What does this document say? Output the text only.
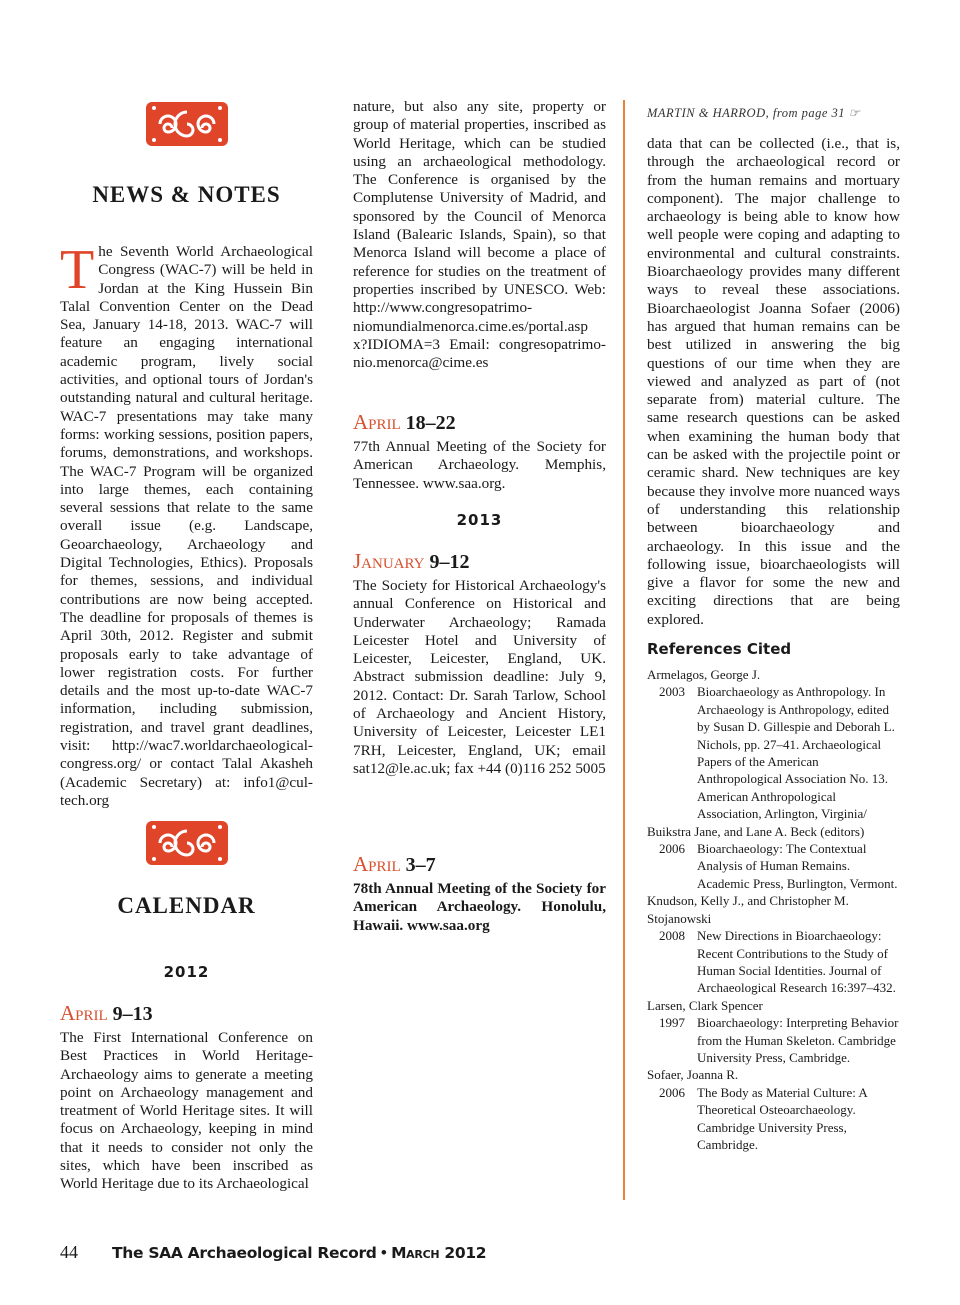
NEWS & NOTES

The Seventh World Archaeological Congress (WAC-7) will be held in Jordan at the King Hussein Bin Talal Convention Center on the Dead Sea, January 14-18, 2013. WAC-7 will feature an engaging international academic program, lively social activities, and optional tours of Jordan's outstanding natural and cultural heritage. WAC-7 presentations may take many forms: working sessions, position papers, forums, demonstrations, and workshops. The WAC-7 Program will be organized into large themes, each containing several sessions that relate to the same overall issue (e.g. Landscape, Geoarchaeology, Archaeology and Digital Technologies, Ethics). Proposals for themes, sessions, and individual contributions are now being accepted. The deadline for proposals of themes is April 30th, 2012. Register and submit proposals early to take advantage of lower registration costs. For further details and the most up-to-date WAC-7 information, including submission, registration, and travel grant deadlines, visit: http://wac7.worldarchaeological-congress.org/ or contact Talal Akasheh (Academic Secretary) at: info1@cul-tech.org

CALENDAR
2012
April 9–13

The First International Conference on Best Practices in World Heritage-Archaeology aims to generate a meeting point on Archaeology management and treatment of World Heritage sites. It will focus on Archaeology, keeping in mind that it needs to consider not only the sites, which have been inscribed as World Heritage due to its Archaeological

nature, but also any site, property or group of material properties, inscribed as World Heritage, which can be studied using an archaeological methodology. The Conference is organised by the Complutense University of Madrid, and sponsored by the Council of Menorca Island (Balearic Islands, Spain), so that Menorca Island will become a place of reference for studies on the treatment of properties inscribed by UNESCO. Web: http://www.congresopatrimo-niomundialmenorca.cime.es/portal.asp x?IDIOMA=3 Email: congresopatrimo-nio.menorca@cime.es

April 18–22

77th Annual Meeting of the Society for American Archaeology. Memphis, Tennessee. www.saa.org.

2013
January 9–12

The Society for Historical Archaeology's annual Conference on Historical and Underwater Archaeology; Ramada Leicester Hotel and University of Leicester, Leicester, England, UK. Abstract submission deadline: July 9, 2012. Contact: Dr. Sarah Tarlow, School of Archaeology and Ancient History, University of Leicester, Leicester LE1 7RH, Leicester, England, UK; email sat12@le.ac.uk; fax +44 (0)116 252 5005

April 3–7

78th Annual Meeting of the Society for American Archaeology. Honolulu, Hawaii. www.saa.org

MARTIN & HARROD, from page 31 ☞

data that can be collected (i.e., that is, through the archaeological record or from the human remains and mortuary component). The major challenge to archaeology is being able to know how well people were coping and adapting to environmental and cultural constraints. Bioarchaeology provides many different ways to reveal these associations. Bioarchaeologist Joanna Sofaer (2006) has argued that human remains can be best utilized in answering the big questions of our time when they are viewed and analyzed as part of (not separate from) material culture. The same research questions can be asked when examining the human body that can be asked with the projectile point or ceramic shard. New techniques are key because they involve more nuanced ways of understanding this relationship between bioarchaeology and archaeology. In this issue and the following issue, bioarchaeologists will give a flavor for some the new and exciting directions that are being explored.

References Cited

Armelagos, George J.

2003 Bioarchaeology as Anthropology. In Archaeology is Anthropology, edited by Susan D. Gillespie and Deborah L. Nichols, pp. 27–41. Archaeological Papers of the American Anthropological Association No. 13. American Anthropological Association, Arlington, Virginia/

Buikstra Jane, and Lane A. Beck (editors)

2006 Bioarchaeology: The Contextual Analysis of Human Remains. Academic Press, Burlington, Vermont.

Knudson, Kelly J., and Christopher M. Stojanowski

2008 New Directions in Bioarchaeology: Recent Contributions to the Study of Human Social Identities. Journal of Archaeological Research 16:397–432.

Larsen, Clark Spencer

1997 Bioarchaeology: Interpreting Behavior from the Human Skeleton. Cambridge University Press, Cambridge.

Sofaer, Joanna R.

2006 The Body as Material Culture: A Theoretical Osteoarchaeology. Cambridge University Press, Cambridge.
44 The SAA Archaeological Record • March 2012
